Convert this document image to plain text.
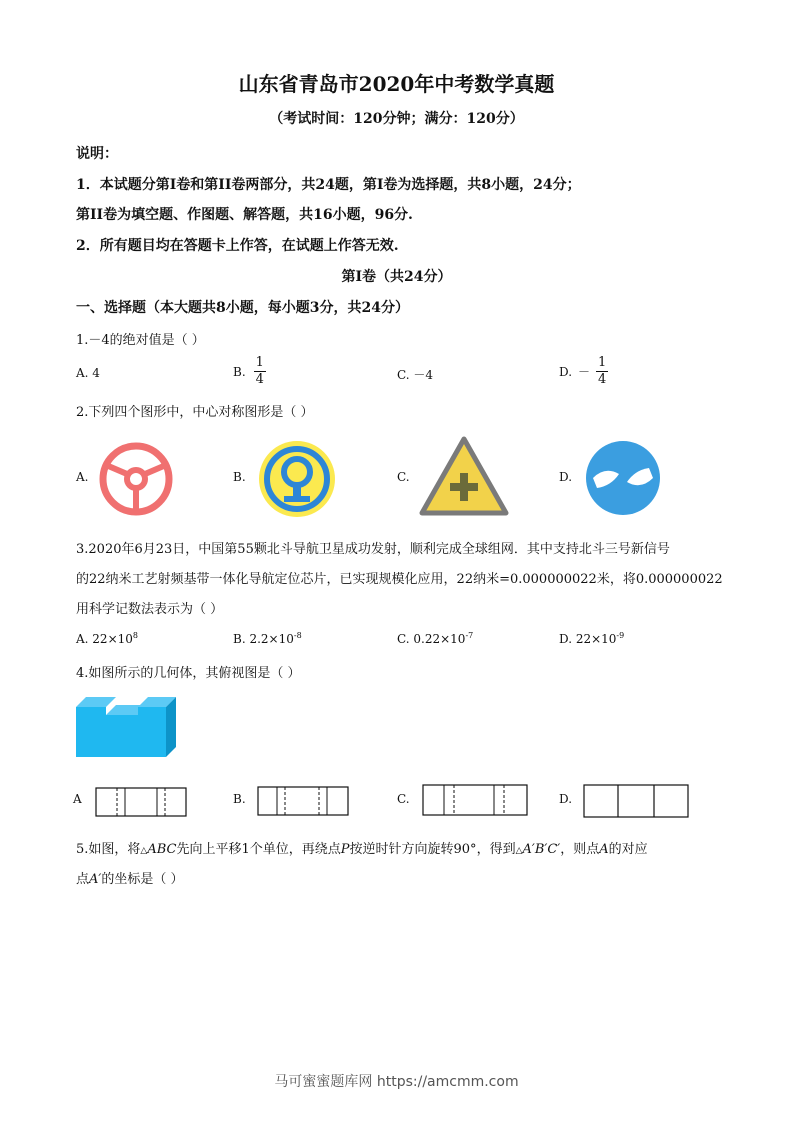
山东省青岛市2020年中考数学真题
（考试时间：120分钟；满分：120分）
说明：
1．本试题分第I卷和第II卷两部分，共24题，第I卷为选择题，共8小题，24分；
第II卷为填空题、作图题、解答题，共16小题，96分.
2．所有题目均在答题卡上作答，在试题上作答无效.
第I卷（共24分）
一、选择题（本大题共8小题，每小题3分，共24分）
1.－4的绝对值是（ ）
A. 4	B. $\frac{1}{4}$	C. －4	D. － $\frac{1}{4}$
2.下列四个图形中，中心对称图形是（ ）
A.	B.	C.	D.
3.2020年6月23日，中国第55颗北斗导航卫星成功发射，顺利完成全球组网．其中支持北斗三号新信号
的22纳米工艺射频基带一体化导航定位芯片，已实现规模化应用，22纳米=0.000000022米，将0.000000022
用科学记数法表示为（ ）
A. $22\times 10^8$	B. $2.2\times 10^{-8}$	C. $0.22\times 10^{-7}$	D. $22\times 10^{-9}$
4.如图所示的几何体，其俯视图是（ ）
A	B.	C.	D.
5.如图，将△ABC先向上平移1个单位，再绕点P按逆时针方向旋转90°，得到△A′B′C′，则点A的对应
点A′的坐标是（ ）
马可蜜蜜题库网 https://amcmm.com
